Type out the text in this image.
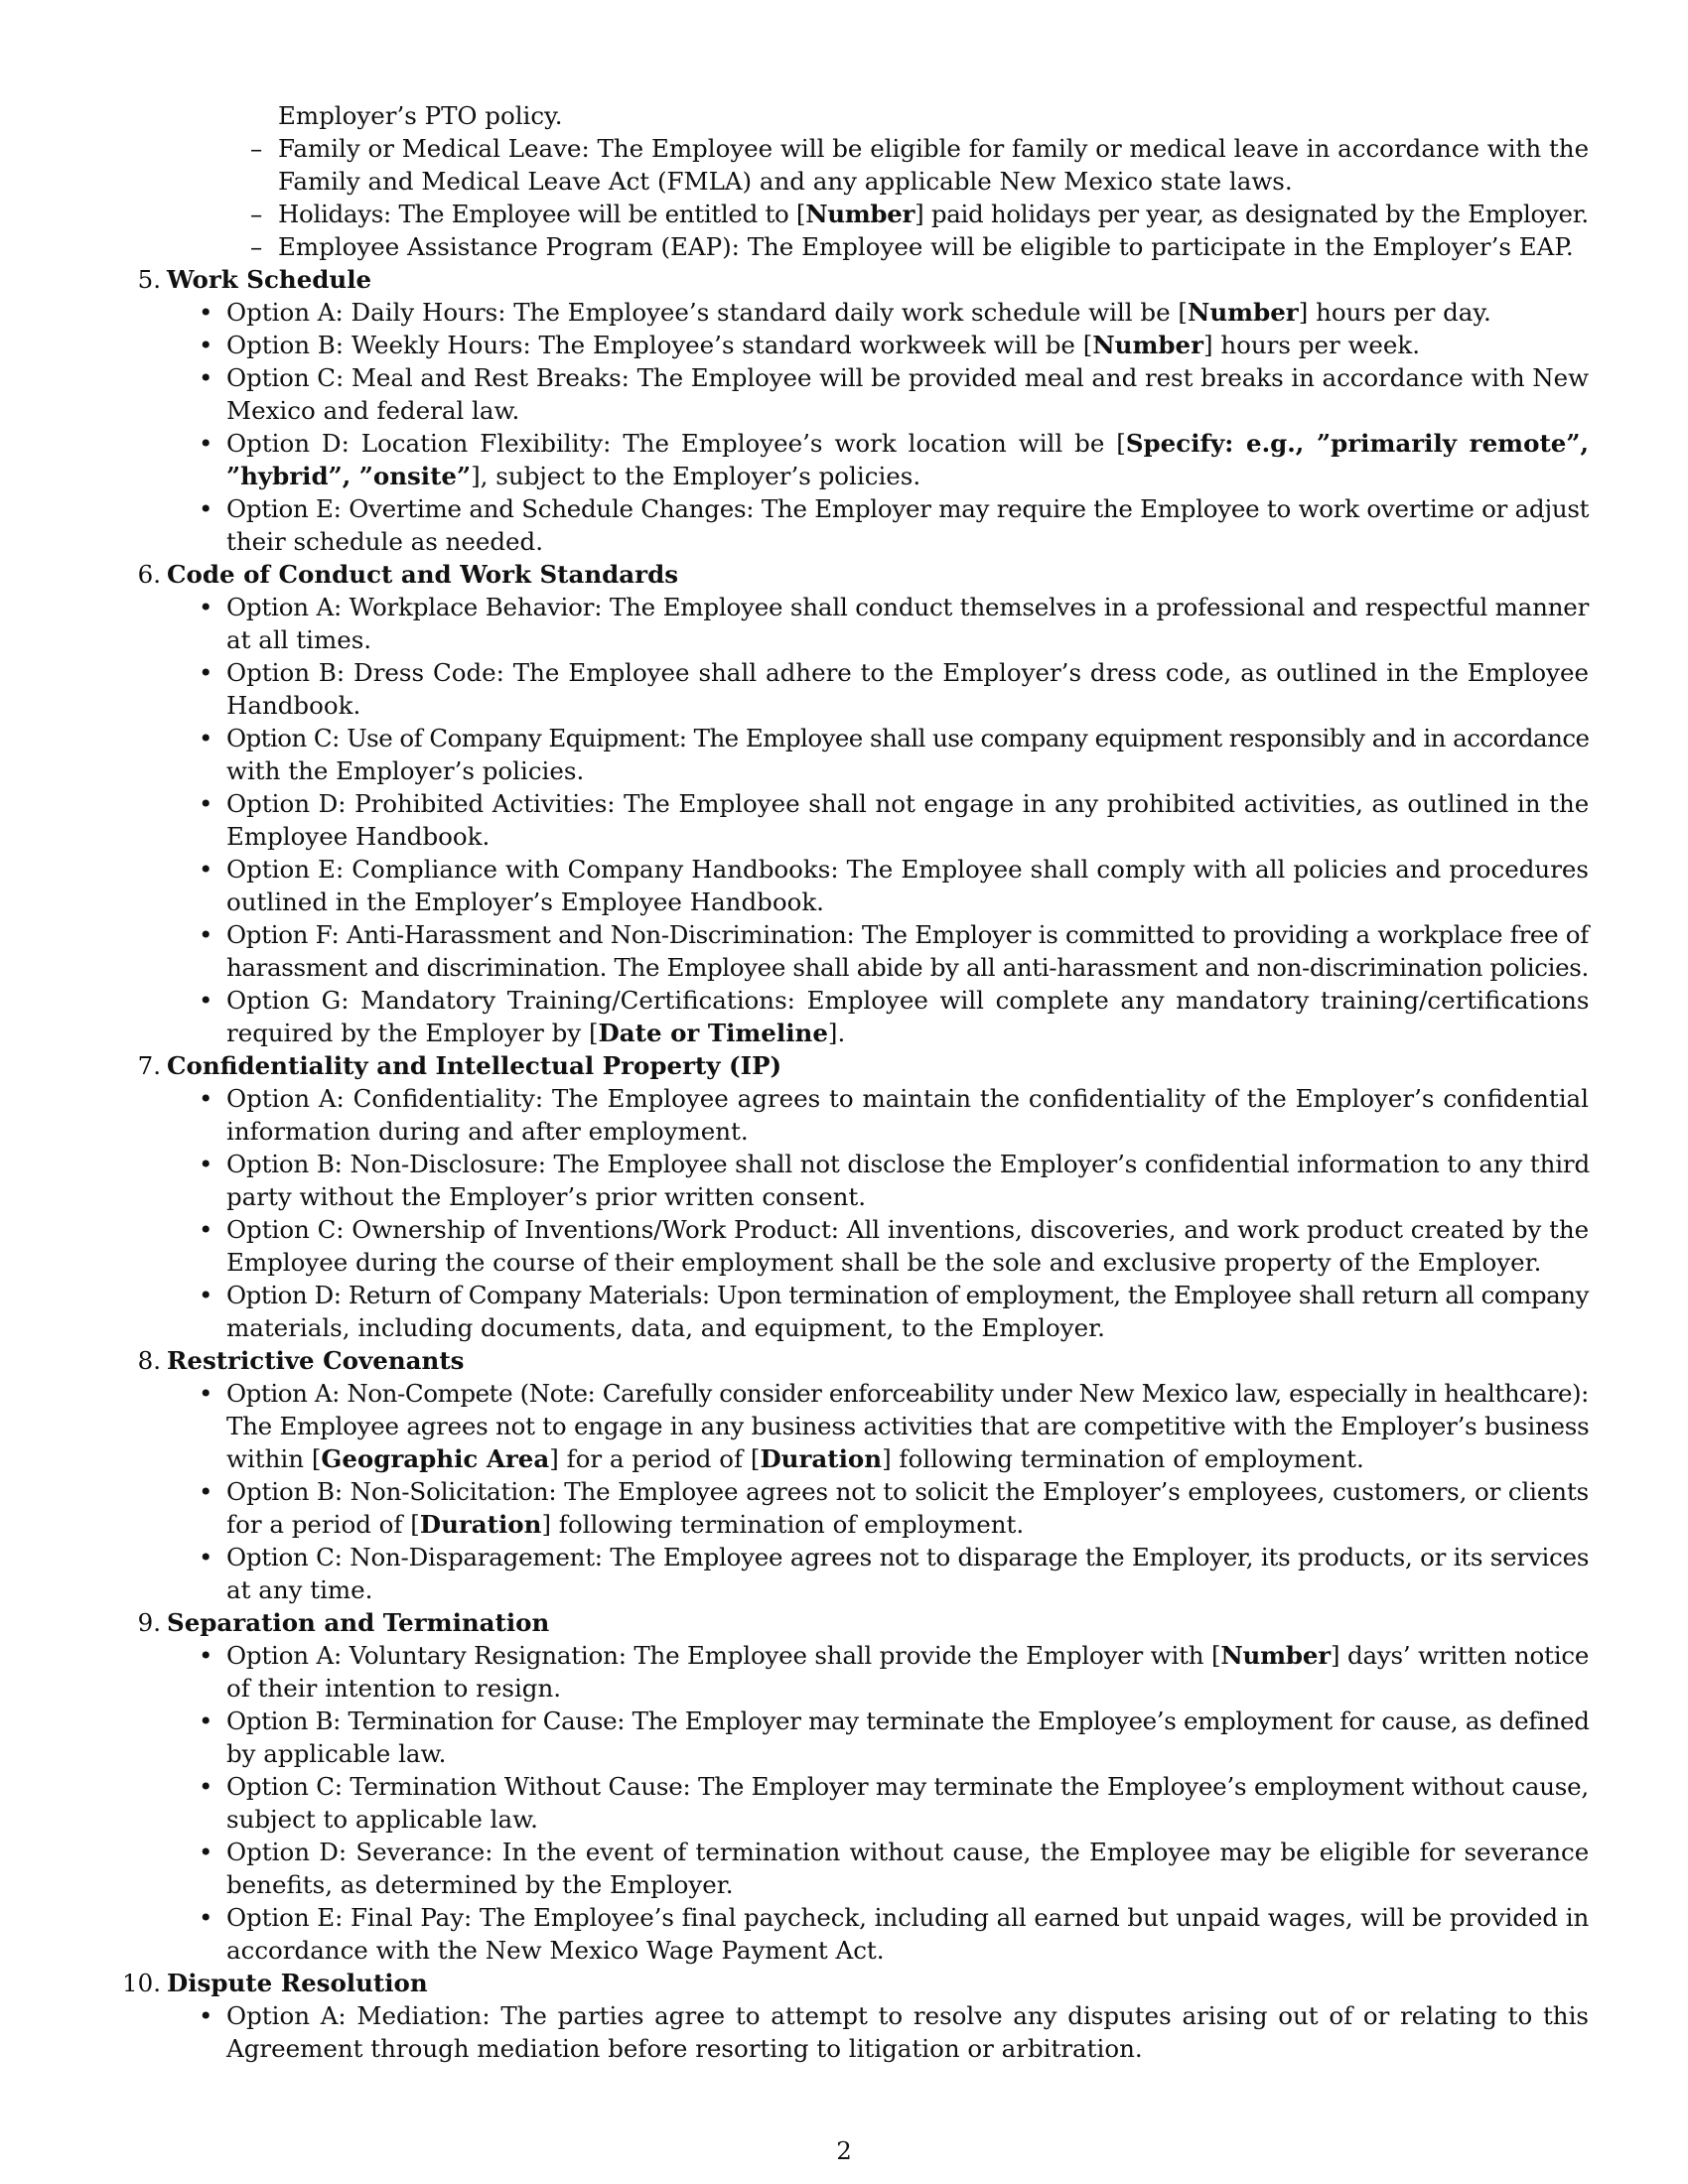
Employer’s PTO policy.
– Family or Medical Leave: The Employee will be eligible for family or medical leave in accordance with the
Family and Medical Leave Act (FMLA) and any applicable New Mexico state laws.
– Holidays: The Employee will be entitled to [Number] paid holidays per year, as designated by the Employer.
– Employee Assistance Program (EAP): The Employee will be eligible to participate in the Employer’s EAP.
5. Work Schedule
• Option A: Daily Hours: The Employee’s standard daily work schedule will be [Number] hours per day.
• Option B: Weekly Hours: The Employee’s standard workweek will be [Number] hours per week.
• Option C: Meal and Rest Breaks: The Employee will be provided meal and rest breaks in accordance with New
Mexico and federal law.
• Option D: Location Flexibility: The Employee’s work location will be [Specify: e.g., ”primarily remote”,
”hybrid”, ”onsite”], subject to the Employer’s policies.
• Option E: Overtime and Schedule Changes: The Employer may require the Employee to work overtime or adjust
their schedule as needed.
6. Code of Conduct and Work Standards
• Option A: Workplace Behavior: The Employee shall conduct themselves in a professional and respectful manner
at all times.
• Option B: Dress Code: The Employee shall adhere to the Employer’s dress code, as outlined in the Employee
Handbook.
• Option C: Use of Company Equipment: The Employee shall use company equipment responsibly and in accordance
with the Employer’s policies.
• Option D: Prohibited Activities: The Employee shall not engage in any prohibited activities, as outlined in the
Employee Handbook.
• Option E: Compliance with Company Handbooks: The Employee shall comply with all policies and procedures
outlined in the Employer’s Employee Handbook.
• Option F: Anti-Harassment and Non-Discrimination: The Employer is committed to providing a workplace free of
harassment and discrimination. The Employee shall abide by all anti-harassment and non-discrimination policies.
• Option G: Mandatory Training/Certifications: Employee will complete any mandatory training/certifications
required by the Employer by [Date or Timeline].
7. Confidentiality and Intellectual Property (IP)
• Option A: Confidentiality: The Employee agrees to maintain the confidentiality of the Employer’s confidential
information during and after employment.
• Option B: Non-Disclosure: The Employee shall not disclose the Employer’s confidential information to any third
party without the Employer’s prior written consent.
• Option C: Ownership of Inventions/Work Product: All inventions, discoveries, and work product created by the
Employee during the course of their employment shall be the sole and exclusive property of the Employer.
• Option D: Return of Company Materials: Upon termination of employment, the Employee shall return all company
materials, including documents, data, and equipment, to the Employer.
8. Restrictive Covenants
• Option A: Non-Compete (Note: Carefully consider enforceability under New Mexico law, especially in healthcare):
The Employee agrees not to engage in any business activities that are competitive with the Employer’s business
within [Geographic Area] for a period of [Duration] following termination of employment.
• Option B: Non-Solicitation: The Employee agrees not to solicit the Employer’s employees, customers, or clients
for a period of [Duration] following termination of employment.
• Option C: Non-Disparagement: The Employee agrees not to disparage the Employer, its products, or its services
at any time.
9. Separation and Termination
• Option A: Voluntary Resignation: The Employee shall provide the Employer with [Number] days’ written notice
of their intention to resign.
• Option B: Termination for Cause: The Employer may terminate the Employee’s employment for cause, as defined
by applicable law.
• Option C: Termination Without Cause: The Employer may terminate the Employee’s employment without cause,
subject to applicable law.
• Option D: Severance: In the event of termination without cause, the Employee may be eligible for severance
benefits, as determined by the Employer.
• Option E: Final Pay: The Employee’s final paycheck, including all earned but unpaid wages, will be provided in
accordance with the New Mexico Wage Payment Act.
10. Dispute Resolution
• Option A: Mediation: The parties agree to attempt to resolve any disputes arising out of or relating to this
Agreement through mediation before resorting to litigation or arbitration.
2
